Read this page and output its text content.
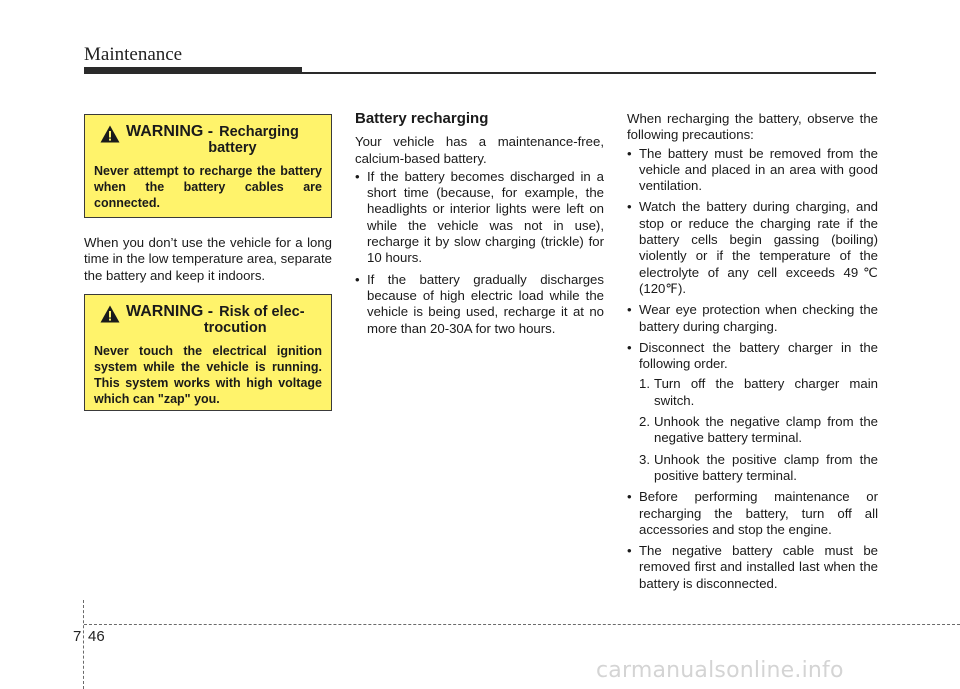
Maintenance
WARNING - Recharging
battery
Never attempt to recharge the battery when the battery cables are connected.

When you don’t use the vehicle for a long time in the low temperature area, separate the battery and keep it indoors.

WARNING - Risk of elec-
trocution
Never touch the electrical ignition system while the vehicle is running. This system works with high voltage which can "zap" you.
Battery recharging

Your vehicle has a maintenance-free, calcium-based battery.

• If the battery becomes discharged in a short time (because, for example, the headlights or interior lights were left on while the vehicle was not in use), recharge it by slow charging (trickle) for 10 hours.
• If the battery gradually discharges because of high electric load while the vehicle is being used, recharge it at no more than 20-30A for two hours.

When recharging the battery, observe the following precautions:

• The battery must be removed from the vehicle and placed in an area with good ventilation.
• Watch the battery during charging, and stop or reduce the charging rate if the battery cells begin gassing (boiling) violently or if the temperature of the electrolyte of any cell exceeds 49℃ (120℉).
• Wear eye protection when checking the battery during charging.
• Disconnect the battery charger in the following order.
1. Turn off the battery charger main switch.
2. Unhook the negative clamp from the negative battery terminal.
3. Unhook the positive clamp from the positive battery terminal.
• Before performing maintenance or recharging the battery, turn off all accessories and stop the engine.
• The negative battery cable must be removed first and installed last when the battery is disconnected.
7 46
carmanualsonline.info
